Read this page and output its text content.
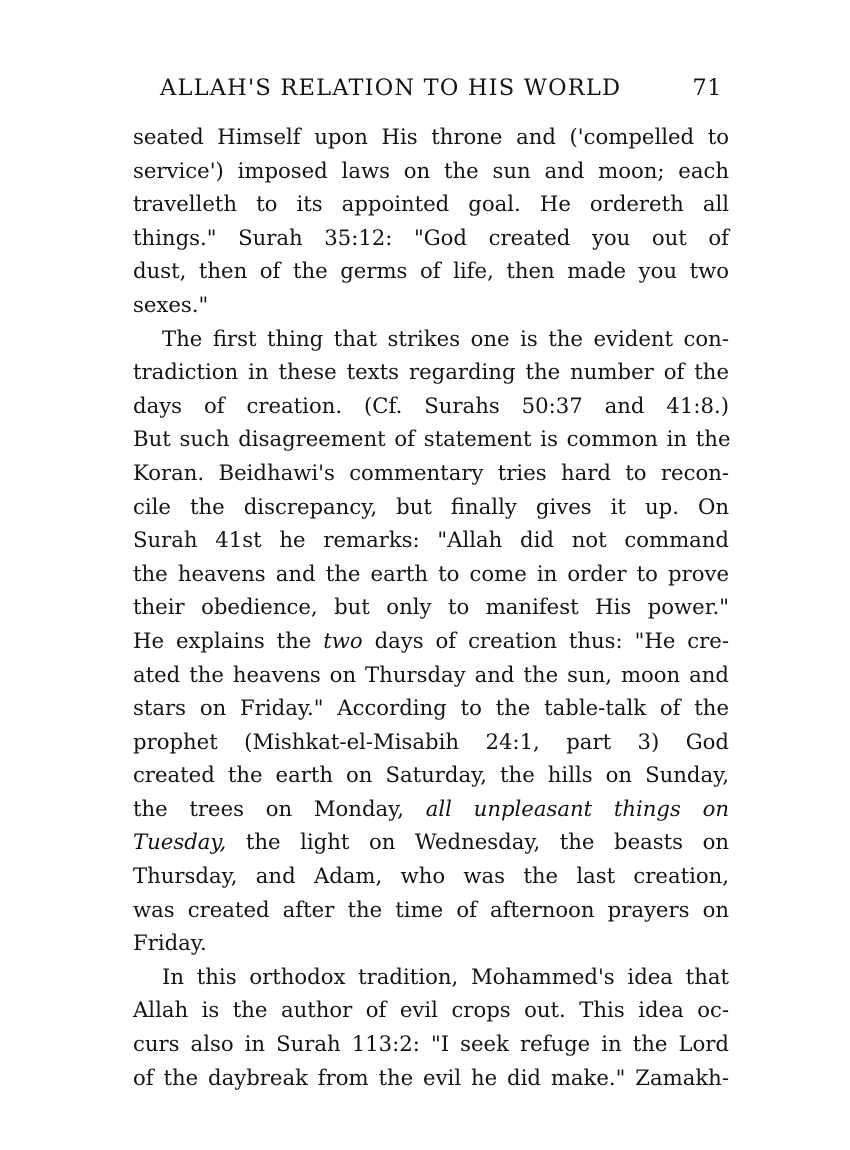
ALLAH'S RELATION TO HIS WORLD	71
seated Himself upon His throne and ('compelled to
service') imposed laws on the sun and moon; each
travelleth to its appointed goal. He ordereth all
things." Surah 35:12: "God created you out of
dust, then of the germs of life, then made you two
sexes."
The first thing that strikes one is the evident con-
tradiction in these texts regarding the number of the
days of creation. (Cf. Surahs 50:37 and 41:8.)
But such disagreement of statement is common in the
Koran. Beidhawi's commentary tries hard to recon-
cile the discrepancy, but finally gives it up. On
Surah 41st he remarks: "Allah did not command
the heavens and the earth to come in order to prove
their obedience, but only to manifest His power."
He explains the two days of creation thus: "He cre-
ated the heavens on Thursday and the sun, moon and
stars on Friday." According to the table-talk of the
prophet (Mishkat-el-Misabih 24:1, part 3) God
created the earth on Saturday, the hills on Sunday,
the trees on Monday, all unpleasant things on
Tuesday, the light on Wednesday, the beasts on
Thursday, and Adam, who was the last creation,
was created after the time of afternoon prayers on
Friday.
In this orthodox tradition, Mohammed's idea that
Allah is the author of evil crops out. This idea oc-
curs also in Surah 113:2: "I seek refuge in the Lord
of the daybreak from the evil he did make." Zamakh-
